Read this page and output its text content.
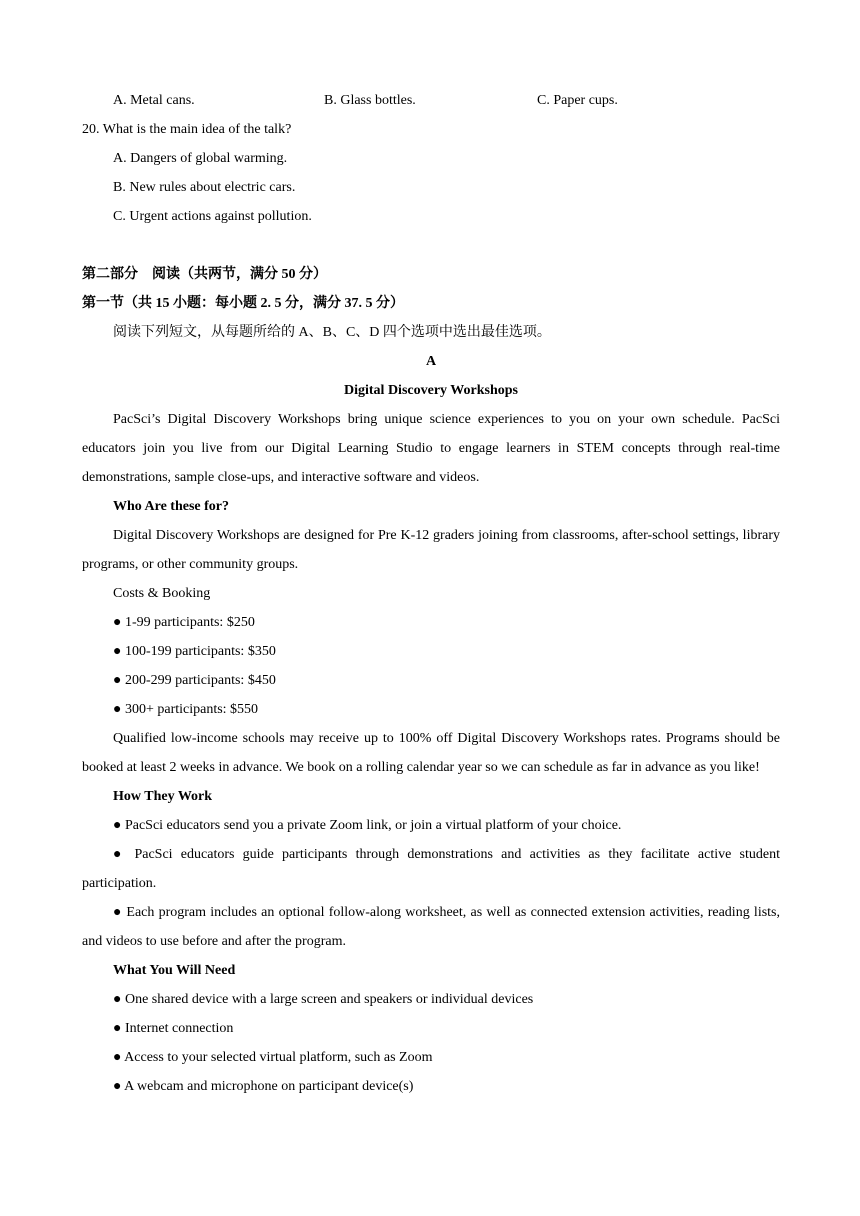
A. Metal cans.	B. Glass bottles.	C. Paper cups.
20. What is the main idea of the talk?
A. Dangers of global warming.
B. New rules about electric cars.
C. Urgent actions against pollution.
第二部分　阅读（共两节，满分 50 分）
第一节（共 15 小题：每小题 2. 5 分，满分 37. 5 分）
阅读下列短文，从每题所给的 A、B、C、D 四个选项中选出最佳选项。
A
Digital Discovery Workshops
PacSci’s Digital Discovery Workshops bring unique science experiences to you on your own schedule. PacSci educators join you live from our Digital Learning Studio to engage learners in STEM concepts through real-time demonstrations, sample close-ups, and interactive software and videos.
Who Are these for?
Digital Discovery Workshops are designed for Pre K-12 graders joining from classrooms, after-school settings, library programs, or other community groups.
Costs & Booking
● 1-99 participants: $250
● 100-199 participants: $350
● 200-299 participants: $450
● 300+ participants: $550
Qualified low-income schools may receive up to 100% off Digital Discovery Workshops rates. Programs should be booked at least 2 weeks in advance. We book on a rolling calendar year so we can schedule as far in advance as you like!
How They Work
● PacSci educators send you a private Zoom link, or join a virtual platform of your choice.
● PacSci educators guide participants through demonstrations and activities as they facilitate active student participation.
● Each program includes an optional follow-along worksheet, as well as connected extension activities, reading lists, and videos to use before and after the program.
What You Will Need
● One shared device with a large screen and speakers or individual devices
● Internet connection
● Access to your selected virtual platform, such as Zoom
● A webcam and microphone on participant device(s)
